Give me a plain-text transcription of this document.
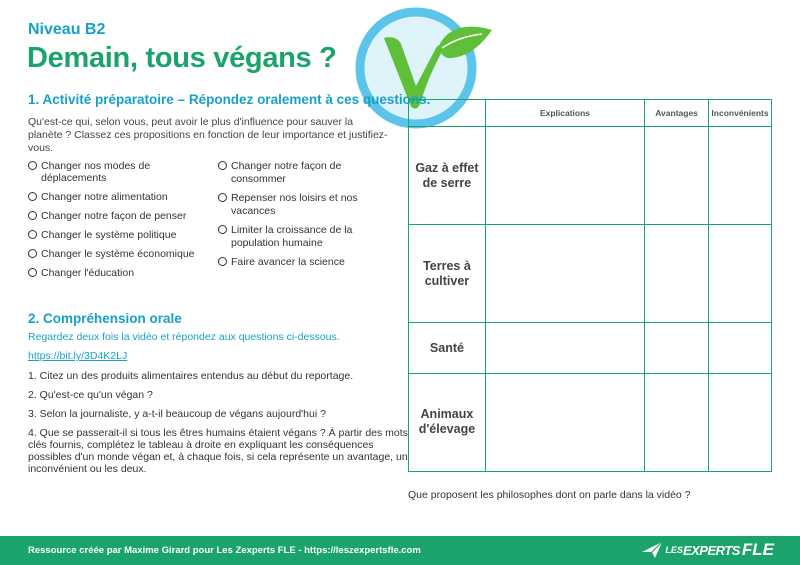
Niveau B2
Demain, tous végans ?
1. Activité préparatoire – Répondez oralement à ces questions.
Qu'est-ce qui, selon vous, peut avoir le plus d'influence pour sauver la planète ? Classez ces propositions en fonction de leur importance et justifiez-vous.
Changer nos modes de déplacements
Changer notre alimentation
Changer notre façon de penser
Changer le système politique
Changer le système économique
Changer l'éducation
Changer notre façon de consommer
Repenser nos loisirs et nos vacances
Limiter la croissance de la population humaine
Faire avancer la science
2. Compréhension orale
Regardez deux fois la vidéo et répondez aux questions ci-dessous.
https://bit.ly/3D4K2LJ
1. Citez un des produits alimentaires entendus au début du reportage.
2. Qu'est-ce qu'un végan ?
3. Selon la journaliste, y a-t-il beaucoup de végans aujourd'hui ?
4. Que se passerait-il si tous les êtres humains étaient végans ? À partir des mots clés fournis, complétez le tableau à droite en expliquant les conséquences possibles d'un monde végan et, à chaque fois, si cela représente un avantage, un inconvénient ou les deux.
	Explications	Avantages	Inconvénients
Gaz à effet de serre			
Terres à cultiver			
Santé			
Animaux d'élevage			
Que proposent les philosophes dont on parle dans la vidéo ?
Ressource créée par Maxime Girard pour Les Zexperts FLE - https://leszexpertsfle.com	LES EXPERTS FLE
